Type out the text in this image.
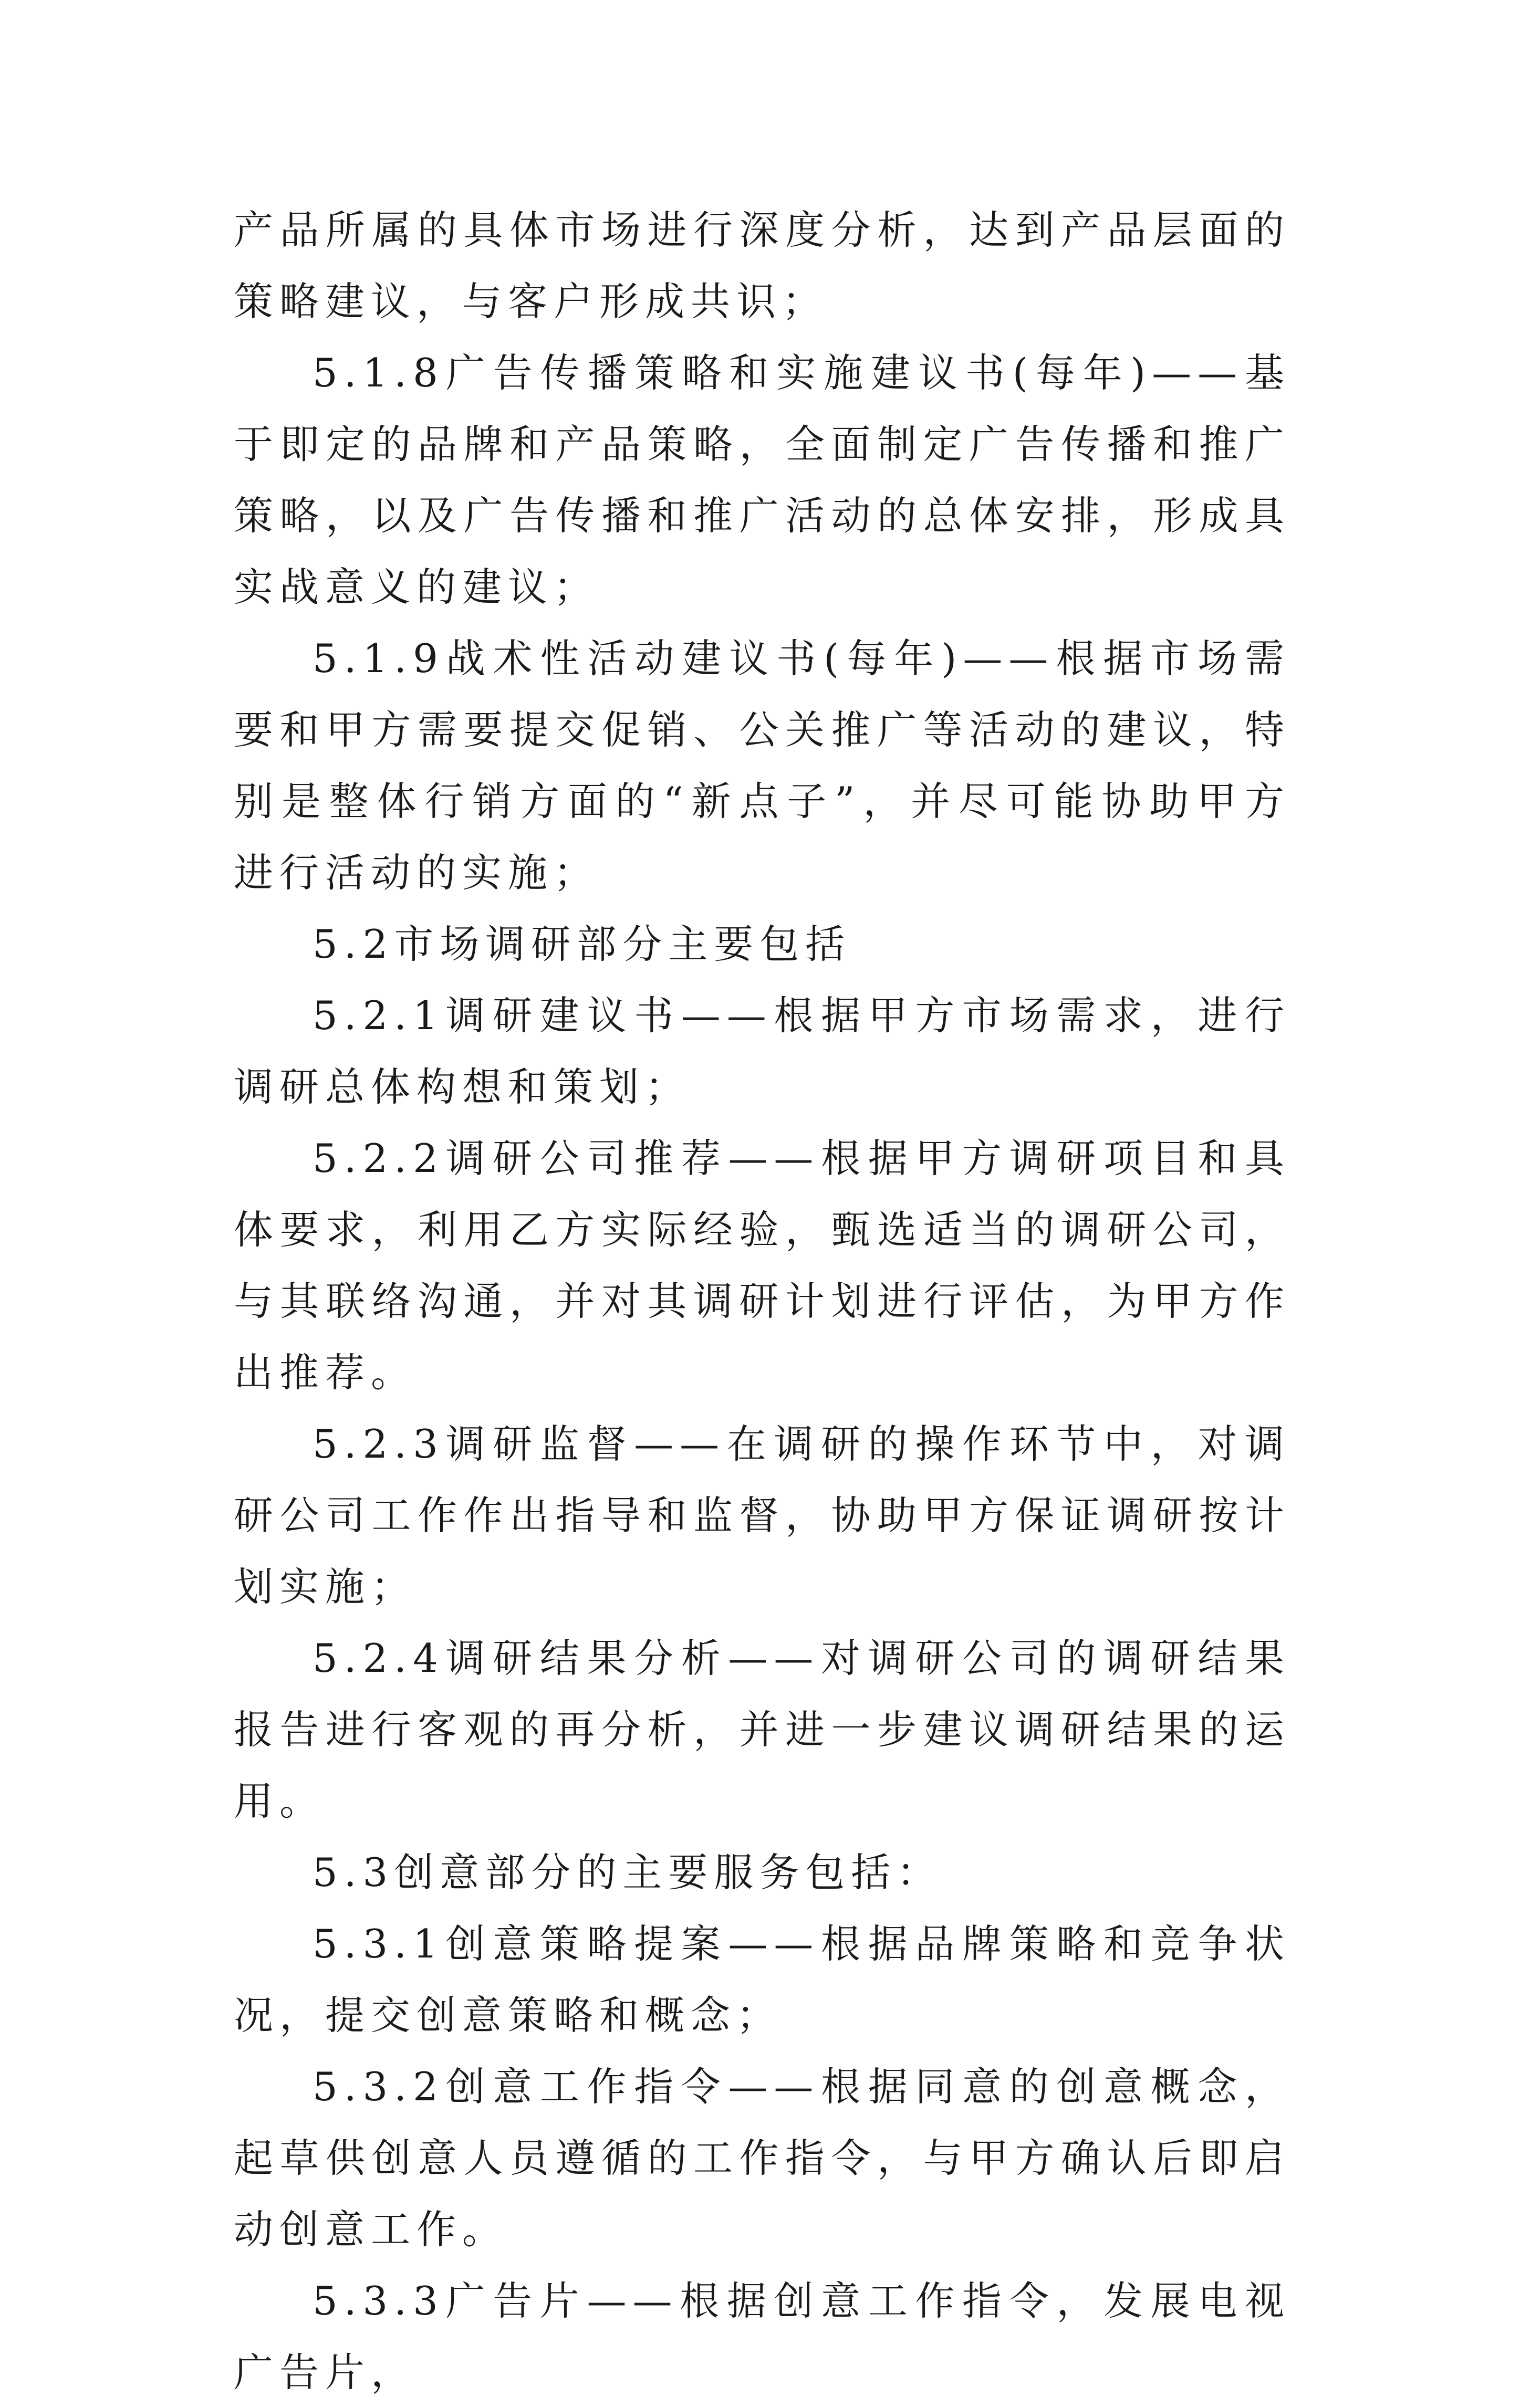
产品所属的具体市场进行深度分析，达到产品层面的策略建议，与客户形成共识；

5.1.8广告传播策略和实施建议书(每年)——基于即定的品牌和产品策略，全面制定广告传播和推广策略，以及广告传播和推广活动的总体安排，形成具实战意义的建议；

5.1.9战术性活动建议书(每年)——根据市场需要和甲方需要提交促销、公关推广等活动的建议，特别是整体行销方面的“新点子”，并尽可能协助甲方进行活动的实施；

5.2市场调研部分主要包括

5.2.1调研建议书——根据甲方市场需求，进行调研总体构想和策划；

5.2.2调研公司推荐——根据甲方调研项目和具体要求，利用乙方实际经验，甄选适当的调研公司，与其联络沟通，并对其调研计划进行评估，为甲方作出推荐。

5.2.3调研监督——在调研的操作环节中，对调研公司工作作出指导和监督，协助甲方保证调研按计划实施；

5.2.4调研结果分析——对调研公司的调研结果报告进行客观的再分析，并进一步建议调研结果的运用。

5.3创意部分的主要服务包括：

5.3.1创意策略提案——根据品牌策略和竞争状况，提交创意策略和概念；

5.3.2创意工作指令——根据同意的创意概念，起草供创意人员遵循的工作指令，与甲方确认后即启动创意工作。

5.3.3广告片——根据创意工作指令，发展电视广告片，
